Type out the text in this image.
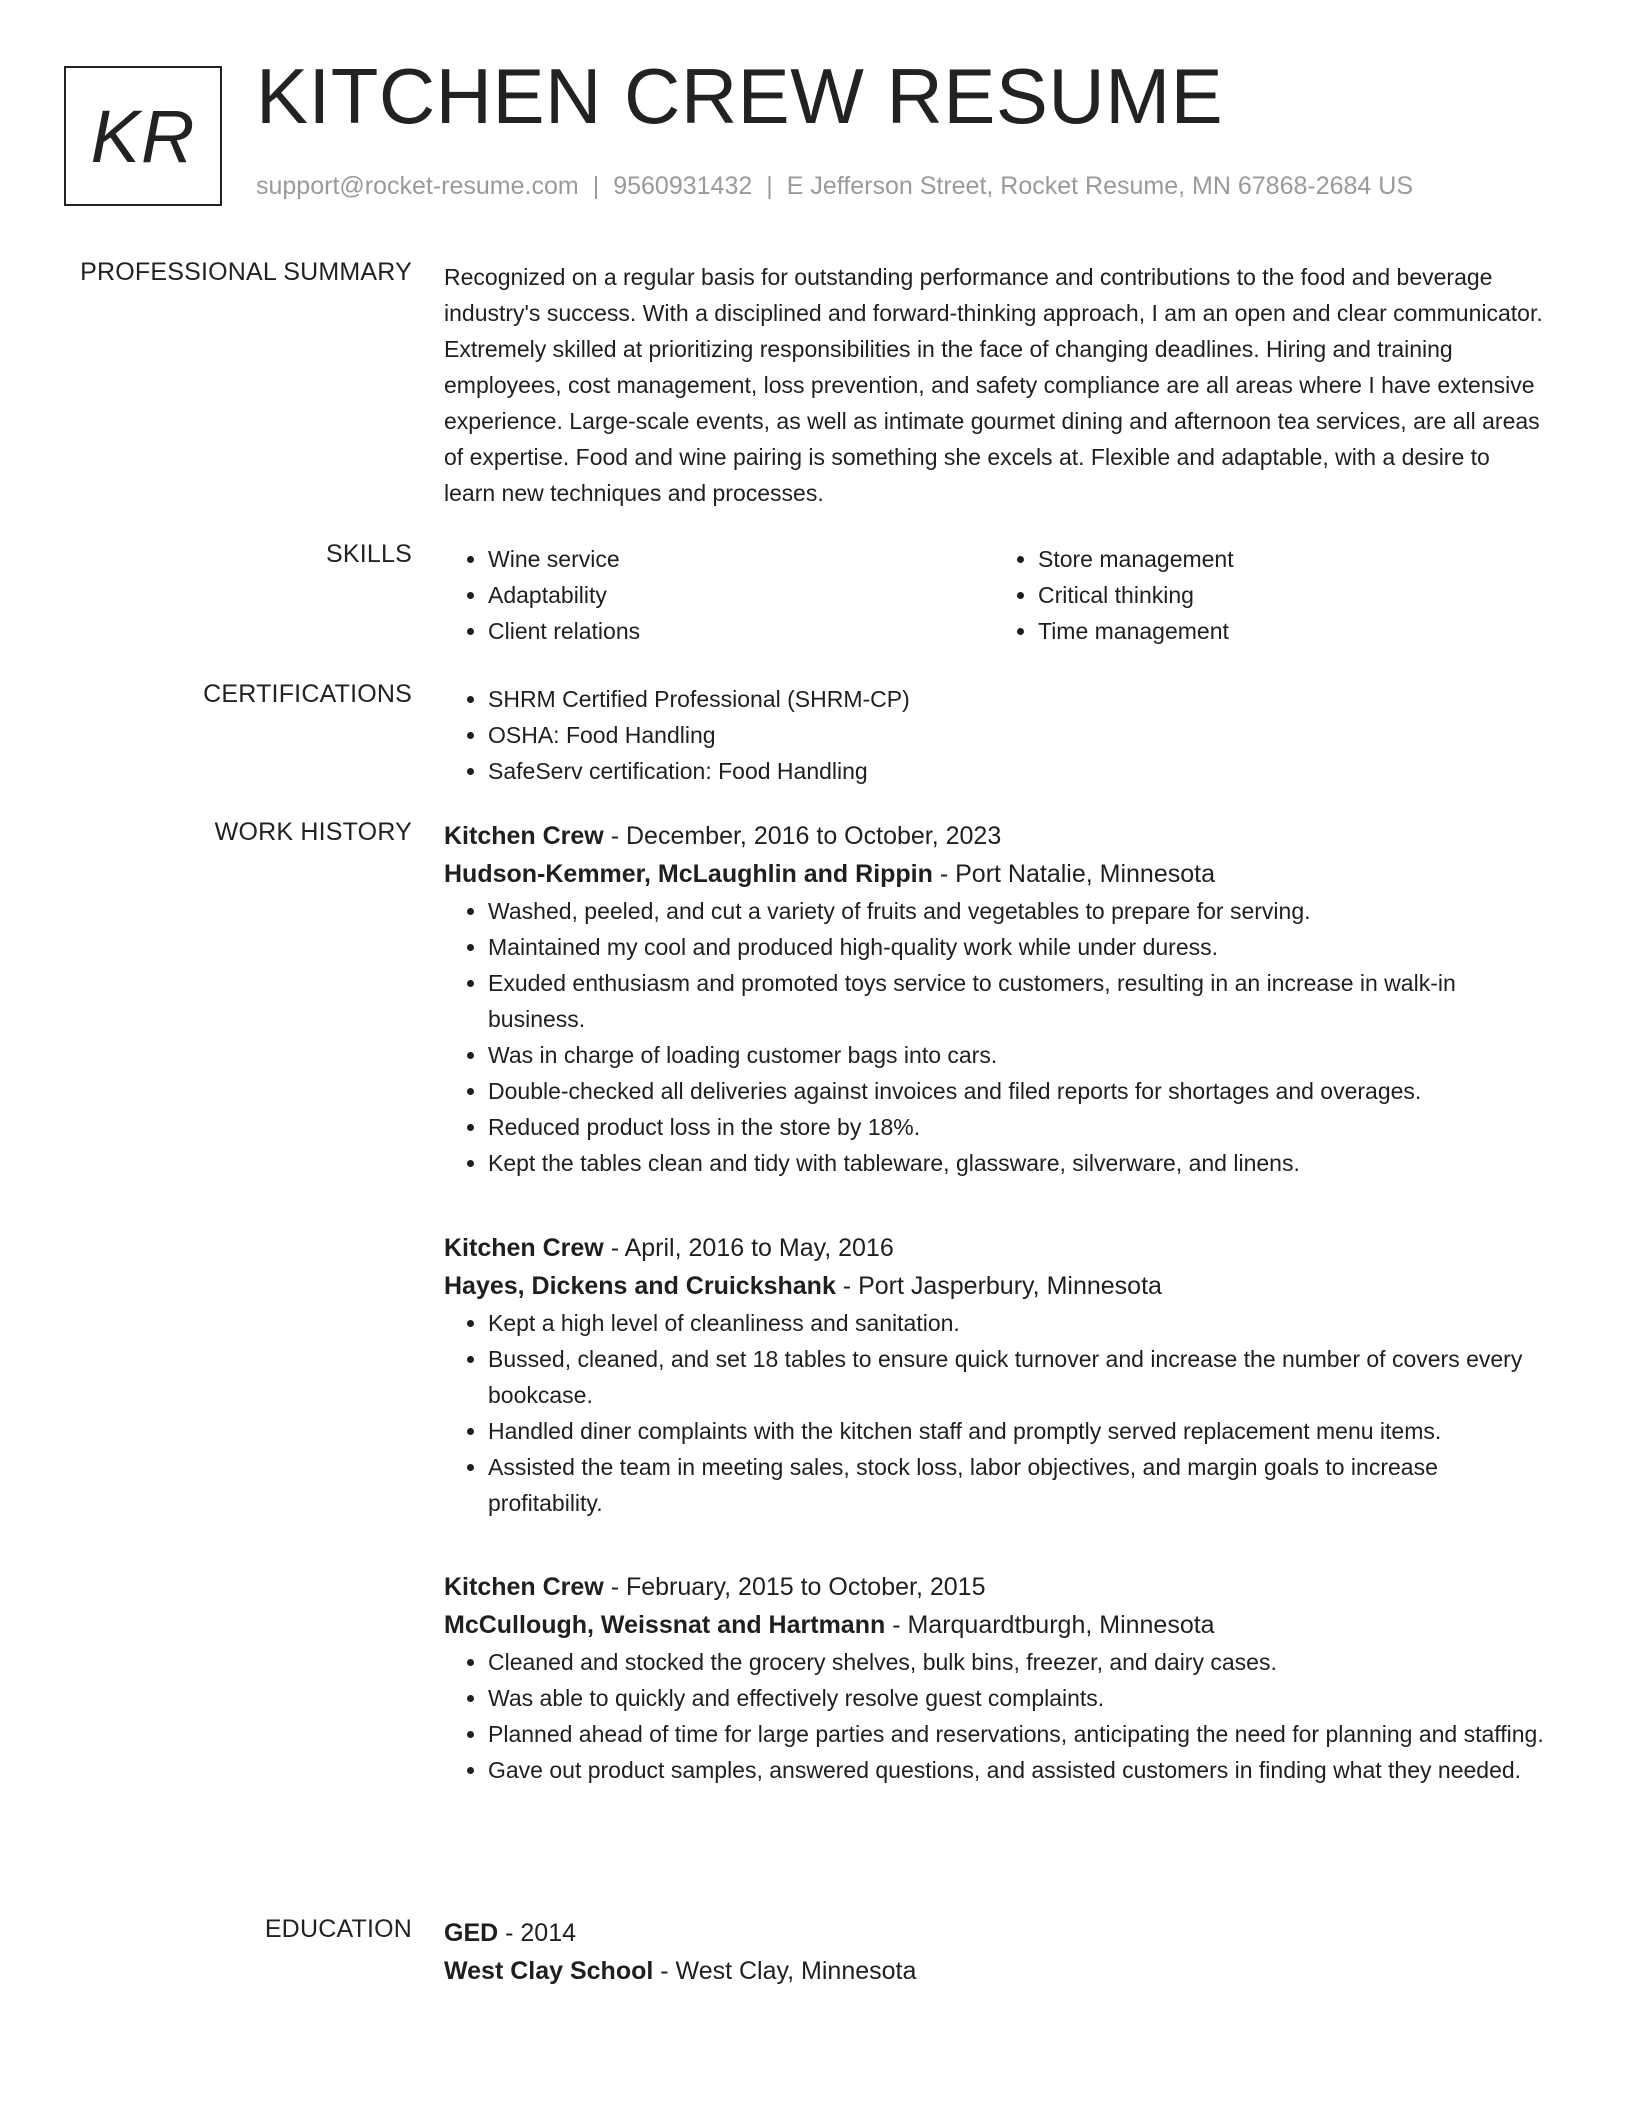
KR KITCHEN CREW RESUME
support@rocket-resume.com | 9560931432 | E Jefferson Street, Rocket Resume, MN 67868-2684 US
PROFESSIONAL SUMMARY Recognized on a regular basis for outstanding performance and contributions to the food and beverage industry's success. With a disciplined and forward-thinking approach, I am an open and clear communicator. Extremely skilled at prioritizing responsibilities in the face of changing deadlines. Hiring and training employees, cost management, loss prevention, and safety compliance are all areas where I have extensive experience. Large-scale events, as well as intimate gourmet dining and afternoon tea services, are all areas of expertise. Food and wine pairing is something she excels at. Flexible and adaptable, with a desire to learn new techniques and processes.

SKILLS	• Wine service
• Adaptability
• Client relations
• Store management
• Critical thinking
• Time management
CERTIFICATIONS	• SHRM Certified Professional (SHRM-CP)
• OSHA: Food Handling
• SafeServ certification: Food Handling
WORK HISTORY Kitchen Crew - December, 2016 to October, 2023
Hudson-Kemmer, McLaughlin and Rippin - Port Natalie, Minnesota
• Washed, peeled, and cut a variety of fruits and vegetables to prepare for serving.
• Maintained my cool and produced high-quality work while under duress.
• Exuded enthusiasm and promoted toys service to customers, resulting in an increase in walk-in business.
• Was in charge of loading customer bags into cars.
• Double-checked all deliveries against invoices and filed reports for shortages and overages.
• Reduced product loss in the store by 18%.
• Kept the tables clean and tidy with tableware, glassware, silverware, and linens.
Kitchen Crew - April, 2016 to May, 2016
Hayes, Dickens and Cruickshank - Port Jasperbury, Minnesota
• Kept a high level of cleanliness and sanitation.
• Bussed, cleaned, and set 18 tables to ensure quick turnover and increase the number of covers every bookcase.
• Handled diner complaints with the kitchen staff and promptly served replacement menu items.
• Assisted the team in meeting sales, stock loss, labor objectives, and margin goals to increase profitability.
Kitchen Crew - February, 2015 to October, 2015
McCullough, Weissnat and Hartmann - Marquardtburgh, Minnesota
• Cleaned and stocked the grocery shelves, bulk bins, freezer, and dairy cases.
• Was able to quickly and effectively resolve guest complaints.
• Planned ahead of time for large parties and reservations, anticipating the need for planning and staffing.
• Gave out product samples, answered questions, and assisted customers in finding what they needed.
EDUCATION GED - 2014
West Clay School - West Clay, Minnesota
